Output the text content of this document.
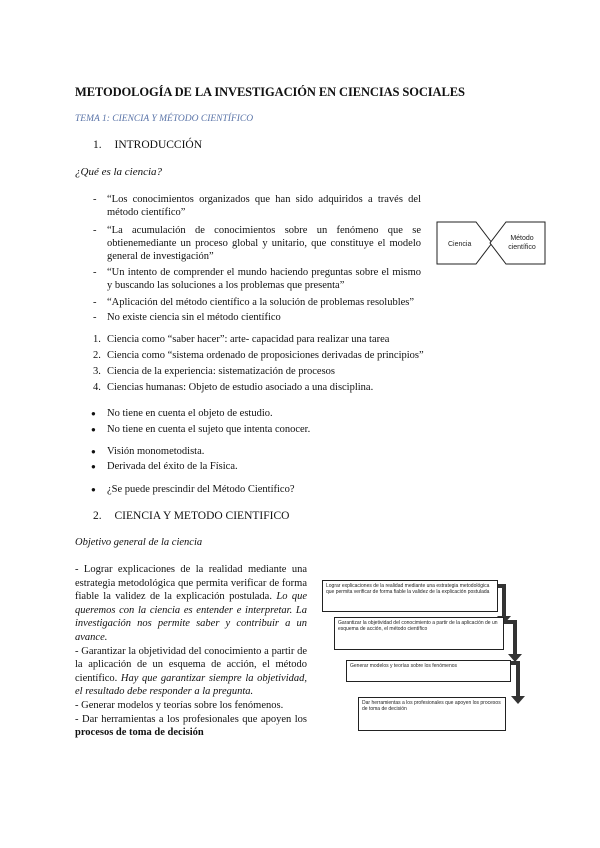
METODOLOGÍA DE LA INVESTIGACIÓN EN CIENCIAS SOCIALES
TEMA 1: CIENCIA Y MÉTODO CIENTÍFICO
1. INTRODUCCIÓN
¿Qué es la ciencia?
- “Los conocimientos organizados que han sido adquiridos a través del método científico”
- “La acumulación de conocimientos sobre un fenómeno que se obtienemediante un proceso global y unitario, que constituye el modelo general de investigación”
- “Un intento de comprender el mundo haciendo preguntas sobre el mismo y buscando las soluciones a los problemas que presenta”
- “Aplicación del método científico a la solución de problemas resolubles”
- No existe ciencia sin el método científico
Ciencia
Método
científico
1. Ciencia como “saber hacer”: arte- capacidad para realizar una tarea
2. Ciencia como “sistema ordenado de proposiciones derivadas de principios”
3. Ciencia de la experiencia: sistematización de procesos
4. Ciencias humanas: Objeto de estudio asociado a una disciplina.
● No tiene en cuenta el objeto de estudio.
● No tiene en cuenta el sujeto que intenta conocer.
● Visión monometodista.
● Derivada del éxito de la Física.
● ¿Se puede prescindir del Método Científico?
2. CIENCIA Y METODO CIENTIFICO
Objetivo general de la ciencia
- Lograr explicaciones de la realidad mediante una estrategia metodológica que permita verificar de forma fiable la validez de la explicación postulada. Lo que queremos con la ciencia es entender e interpretar. La investigación nos permite saber y contribuir a un avance.
- Garantizar la objetividad del conocimiento a partir de la aplicación de un esquema de acción, el método científico. Hay que garantizar siempre la objetividad, el resultado debe responder a la pregunta.
- Generar modelos y teorías sobre los fenómenos.
- Dar herramientas a los profesionales que apoyen los procesos de toma de decisión
Lograr explicaciones de la realidad mediante una estrategia metodológica que permita verificar de forma fiable la validez de la explicación postulada
Garantizar la objetividad del conocimiento a partir de la aplicación de un esquema de acción, el método científico
Generar modelos y teorías sobre los fenómenos
Dar herramientas a los profesionales que apoyen los procesos de toma de decisión
